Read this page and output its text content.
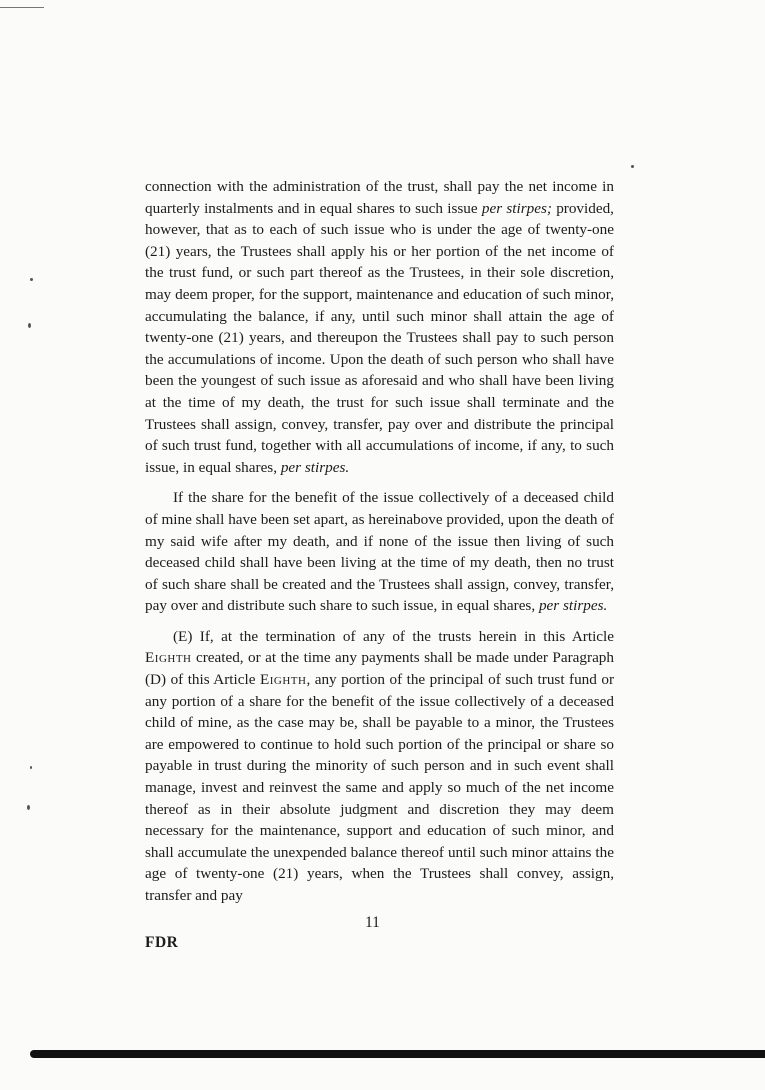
connection with the administration of the trust, shall pay the net income in quarterly instalments and in equal shares to such issue per stirpes; provided, however, that as to each of such issue who is under the age of twenty-one (21) years, the Trustees shall apply his or her portion of the net income of the trust fund, or such part thereof as the Trustees, in their sole discretion, may deem proper, for the support, maintenance and education of such minor, accumulating the balance, if any, until such minor shall attain the age of twenty-one (21) years, and thereupon the Trustees shall pay to such person the accumulations of income. Upon the death of such person who shall have been the youngest of such issue as aforesaid and who shall have been living at the time of my death, the trust for such issue shall terminate and the Trustees shall assign, convey, transfer, pay over and distribute the principal of such trust fund, together with all accumulations of income, if any, to such issue, in equal shares, per stirpes.

If the share for the benefit of the issue collectively of a deceased child of mine shall have been set apart, as hereinabove provided, upon the death of my said wife after my death, and if none of the issue then living of such deceased child shall have been living at the time of my death, then no trust of such share shall be created and the Trustees shall assign, convey, transfer, pay over and distribute such share to such issue, in equal shares, per stirpes.

(E) If, at the termination of any of the trusts herein in this Article Eighth created, or at the time any payments shall be made under Paragraph (D) of this Article Eighth, any portion of the principal of such trust fund or any portion of a share for the benefit of the issue collectively of a deceased child of mine, as the case may be, shall be payable to a minor, the Trustees are empowered to continue to hold such portion of the principal or share so payable in trust during the minority of such person and in such event shall manage, invest and reinvest the same and apply so much of the net income thereof as in their absolute judgment and discretion they may deem necessary for the maintenance, support and education of such minor, and shall accumulate the unexpended balance thereof until such minor attains the age of twenty-one (21) years, when the Trustees shall convey, assign, transfer and pay

11
FDR
